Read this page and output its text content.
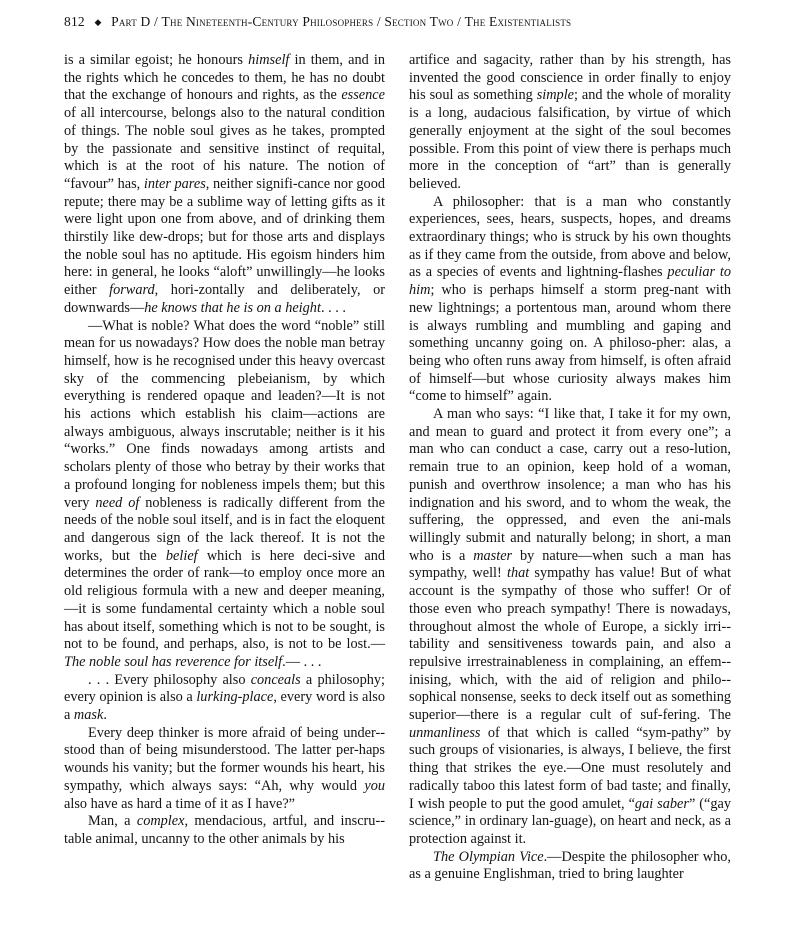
812 ◆ Part D / The Nineteenth-Century Philosophers / Section Two / The Existentialists

is a similar egoist; he honours himself in them, and in the rights which he concedes to them, he has no doubt that the exchange of honours and rights, as the essence of all intercourse, belongs also to the natural condition of things. The noble soul gives as he takes, prompted by the passionate and sensitive instinct of requital, which is at the root of his nature. The notion of “favour” has, inter pares, neither signifi-cance nor good repute; there may be a sublime way of letting gifts as it were light upon one from above, and of drinking them thirstily like dew-drops; but for those arts and displays the noble soul has no aptitude. His egoism hinders him here: in general, he looks “aloft” unwillingly—he looks either forward, hori-zontally and deliberately, or downwards—he knows that he is on a height. . . .

—What is noble? What does the word “noble” still mean for us nowadays? How does the noble man betray himself, how is he recognised under this heavy overcast sky of the commencing plebeianism, by which everything is rendered opaque and leaden?—It is not his actions which establish his claim—actions are always ambiguous, always inscrutable; neither is it his “works.” One finds nowadays among artists and scholars plenty of those who betray by their works that a profound longing for nobleness impels them; but this very need of nobleness is radically different from the needs of the noble soul itself, and is in fact the eloquent and dangerous sign of the lack thereof. It is not the works, but the belief which is here deci-sive and determines the order of rank—to employ once more an old religious formula with a new and deeper meaning,—it is some fundamental certainty which a noble soul has about itself, something which is not to be sought, is not to be found, and perhaps, also, is not to be lost.—The noble soul has reverence for itself.— . . .

. . . Every philosophy also conceals a philosophy; every opinion is also a lurking-place, every word is also a mask.

Every deep thinker is more afraid of being under-stood than of being misunderstood. The latter per-haps wounds his vanity; but the former wounds his heart, his sympathy, which always says: “Ah, why would you also have as hard a time of it as I have?”

Man, a complex, mendacious, artful, and inscru-table animal, uncanny to the other animals by his

artifice and sagacity, rather than by his strength, has invented the good conscience in order finally to enjoy his soul as something simple; and the whole of morality is a long, audacious falsification, by virtue of which generally enjoyment at the sight of the soul becomes possible. From this point of view there is perhaps much more in the conception of “art” than is generally believed.

A philosopher: that is a man who constantly experiences, sees, hears, suspects, hopes, and dreams extraordinary things; who is struck by his own thoughts as if they came from the outside, from above and below, as a species of events and lightning-flashes peculiar to him; who is perhaps himself a storm preg-nant with new lightnings; a portentous man, around whom there is always rumbling and mumbling and gaping and something uncanny going on. A philoso-pher: alas, a being who often runs away from himself, is often afraid of himself—but whose curiosity always makes him “come to himself” again.

A man who says: “I like that, I take it for my own, and mean to guard and protect it from every one”; a man who can conduct a case, carry out a reso-lution, remain true to an opinion, keep hold of a woman, punish and overthrow insolence; a man who has his indignation and his sword, and to whom the weak, the suffering, the oppressed, and even the ani-mals willingly submit and naturally belong; in short, a man who is a master by nature—when such a man has sympathy, well! that sympathy has value! But of what account is the sympathy of those who suffer! Or of those even who preach sympathy! There is nowadays, throughout almost the whole of Europe, a sickly irri-tability and sensitiveness towards pain, and also a repulsive irrestrainableness in complaining, an effem-inising, which, with the aid of religion and philo-sophical nonsense, seeks to deck itself out as something superior—there is a regular cult of suf-fering. The unmanliness of that which is called “sym-pathy” by such groups of visionaries, is always, I believe, the first thing that strikes the eye.—One must resolutely and radically taboo this latest form of bad taste; and finally, I wish people to put the good amulet, “gai saber” (“gay science,” in ordinary lan-guage), on heart and neck, as a protection against it.

The Olympian Vice.—Despite the philosopher who, as a genuine Englishman, tried to bring laughter
